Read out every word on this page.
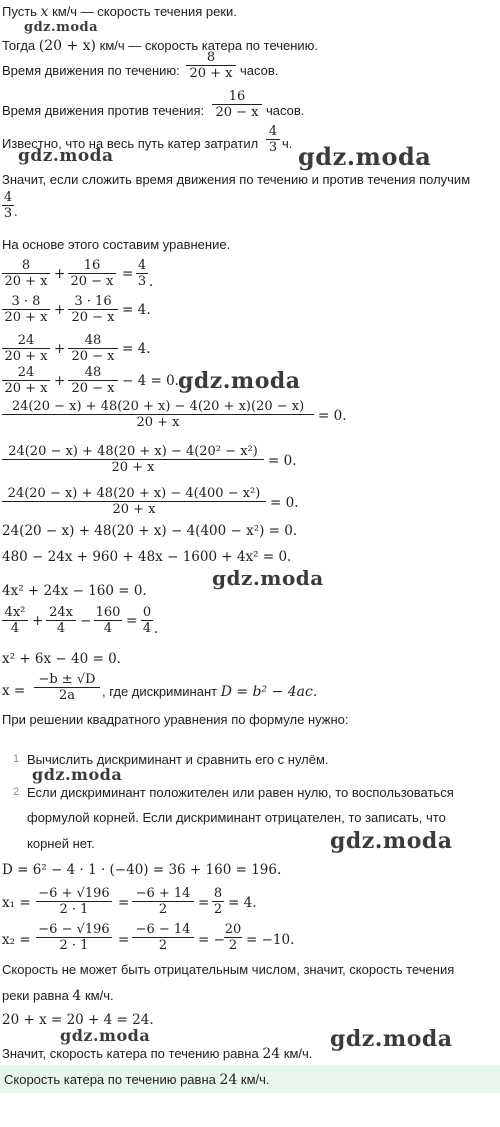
Пусть x км/ч — скорость течения реки.
Тогда (20 + x) км/ч — скорость катера по течению.
Время движения по течению: $\frac{8}{20 + x}$ часов.
Время движения против течения: $\frac{16}{20 - x}$ часов.
Известно, что на весь путь катер затратил $\frac{4}{3} ч$.
Значит, если сложить время движения по течению и против течения получим
$\frac{4}{3}$ .
На основе этого составим уравнение.
$\frac{8}{20 + x} + \frac{16}{20 - x} = \frac{4}{3}$ .
$\frac{3 \cdot 8}{20 + x} + \frac{3 \cdot 16}{20 - x} = 4$.
$\frac{24}{20 + x} + \frac{48}{20 - x} = 4$.
$\frac{24}{20 + x} + \frac{48}{20 - x} - 4 = 0$.
$\frac{24(20 - x) + 48(20 + x) - 4(20 + x)(20 - x)}{20 + x} = 0$.
$\frac{\text{24(20 − x) + 48(20 + x) − 4(20² − x²)}}{20 + x} = 0$.
$\frac{\text{24(20 − x) + 48(20 + x) − 4(400 − x²)}}{20 + x} = 0$.
24(20 − x) + 48(20 + x) − 4(400 − x²) = 0.
480 − 24x + 960 + 48x − 1600 + 4x² = 0.
4x² + 24x − 160 = 0.
$\frac{\text{4x²}}{4} + \frac{24x}{4} - \frac{160}{4} = \frac{0}{4}$ .
x² + 6x − 40 = 0.
$x = \frac{-b \pm √D}{2a}$ , где дискриминант D = b² − 4ac.
При решении квадратного уравнения по формуле нужно:
1 Вычислить дискриминант и сравнить его с нулём.
2 Если дискриминант положителен или равен нулю, то воспользоваться
формулой корней. Если дискриминант отрицателен, то записать, что
корней нет.
D = 6² − 4 · 1 · (−40) = 36 + 160 = 196.
$x_1 = \frac{-6 + √196}{2 \cdot 1} = \frac{-6 + 14}{2} = \frac{8}{2} = 4$.
$x_2 = \frac{-6 - √196}{2 \cdot 1} = \frac{-6 - 14}{2}$ = − $\frac{20}{2} = -10$.
Скорость не может быть отрицательным числом, значит, скорость течения
реки равна 4 км/ч.
20 + x = 20 + 4 = 24.
Значит, скорость катера по течению равна 24 км/ч.
Скорость катера по течению равна 24 км/ч.
gdz.moda
gdz.moda	gdz.moda
gdz.moda
gdz.moda
gdz.moda
gdz.moda
gdz.moda	gdz.moda
